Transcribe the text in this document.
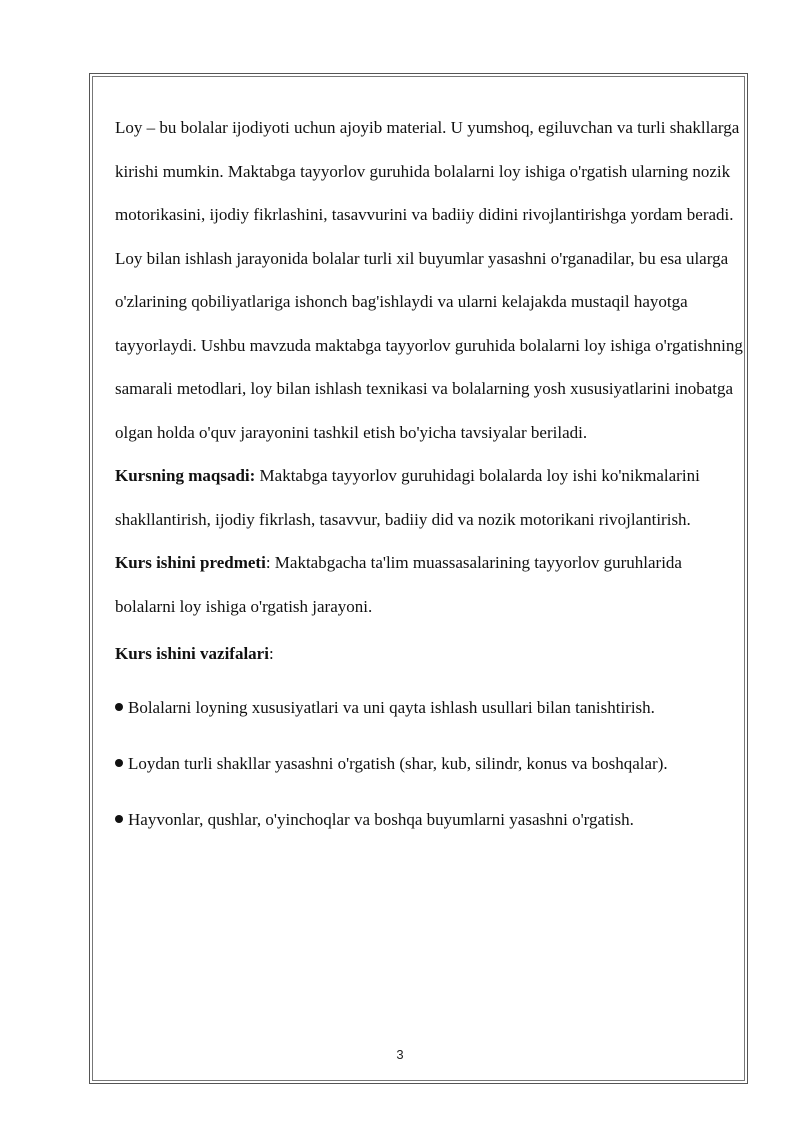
Loy – bu bolalar ijodiyoti uchun ajoyib material. U yumshoq, egiluvchan va turli shakllarga kirishi mumkin. Maktabga tayyorlov guruhida bolalarni loy ishiga o'rgatish ularning nozik motorikasini, ijodiy fikrlashini, tasavvurini va badiiy didini rivojlantirishga yordam beradi. Loy bilan ishlash jarayonida bolalar turli xil buyumlar yasashni o'rganadilar, bu esa ularga o'zlarining qobiliyatlariga ishonch bag'ishlaydi va ularni kelajakda mustaqil hayotga tayyorlaydi. Ushbu mavzuda maktabga tayyorlov guruhida bolalarni loy ishiga o'rgatishning samarali metodlari, loy bilan ishlash texnikasi va bolalarning yosh xususiyatlarini inobatga olgan holda o'quv jarayonini tashkil etish bo'yicha tavsiyalar beriladi.

Kursning maqsadi: Maktabga tayyorlov guruhidagi bolalarda loy ishi ko'nikmalarini shakllantirish, ijodiy fikrlash, tasavvur, badiiy did va nozik motorikani rivojlantirish.

Kurs ishini predmeti: Maktabgacha ta'lim muassasalarining tayyorlov guruhlarida bolalarni loy ishiga o'rgatish jarayoni.

Kurs ishini vazifalari:

Bolalarni loyning xususiyatlari va uni qayta ishlash usullari bilan tanishtirish.

Loydan turli shakllar yasashni o'rgatish (shar, kub, silindr, konus va boshqalar).

Hayvonlar, qushlar, o'yinchoqlar va boshqa buyumlarni yasashni o'rgatish.

3
